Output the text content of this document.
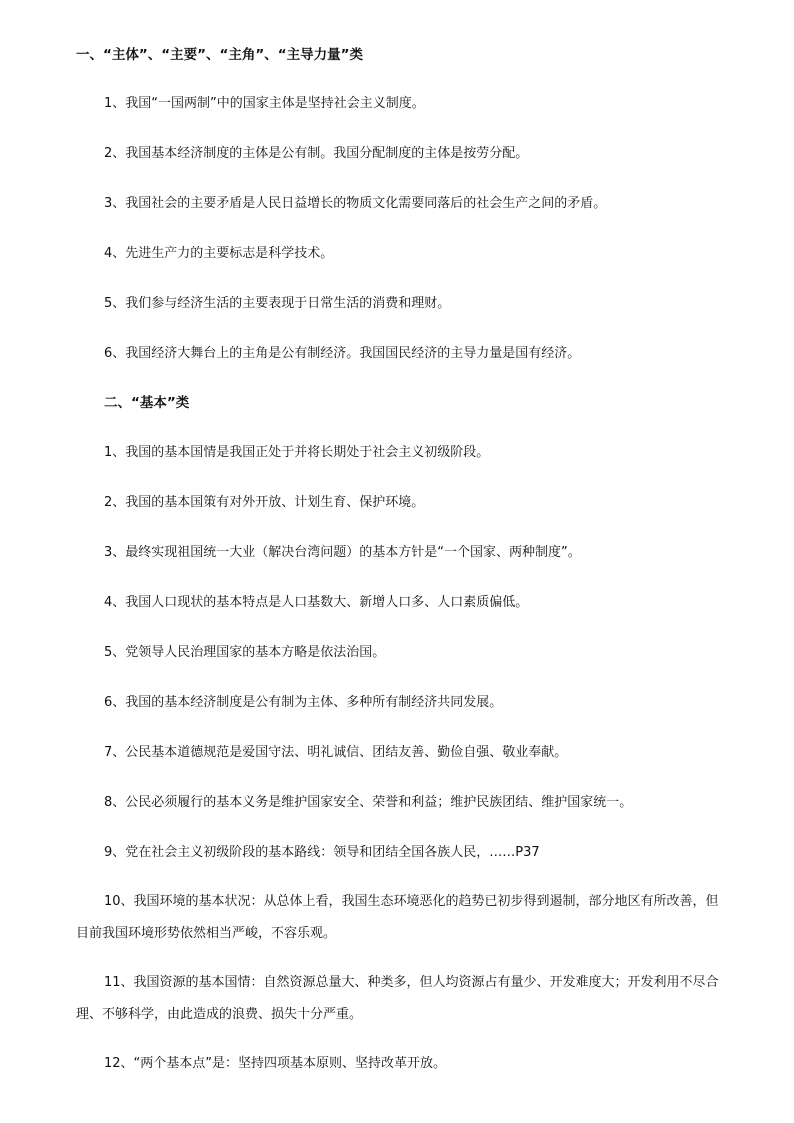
一、“主体”、“主要”、“主角”、“主导力量”类
1、我国“一国两制”中的国家主体是坚持社会主义制度。
2、我国基本经济制度的主体是公有制。我国分配制度的主体是按劳分配。
3、我国社会的主要矛盾是人民日益增长的物质文化需要同落后的社会生产之间的矛盾。
4、先进生产力的主要标志是科学技术。
5、我们参与经济生活的主要表现于日常生活的消费和理财。
6、我国经济大舞台上的主角是公有制经济。我国国民经济的主导力量是国有经济。
二、“基本”类
1、我国的基本国情是我国正处于并将长期处于社会主义初级阶段。
2、我国的基本国策有对外开放、计划生育、保护环境。
3、最终实现祖国统一大业（解决台湾问题）的基本方针是“一个国家、两种制度”。
4、我国人口现状的基本特点是人口基数大、新增人口多、人口素质偏低。
5、党领导人民治理国家的基本方略是依法治国。
6、我国的基本经济制度是公有制为主体、多种所有制经济共同发展。
7、公民基本道德规范是爱国守法、明礼诚信、团结友善、勤俭自强、敬业奉献。
8、公民必须履行的基本义务是维护国家安全、荣誉和利益；维护民族团结、维护国家统一。
9、党在社会主义初级阶段的基本路线：领导和团结全国各族人民，……P37
10、我国环境的基本状况：从总体上看，我国生态环境恶化的趋势已初步得到遏制，部分地区有所改善，但目前我国环境形势依然相当严峻，不容乐观。
11、我国资源的基本国情：自然资源总量大、种类多，但人均资源占有量少、开发难度大；开发利用不尽合理、不够科学，由此造成的浪费、损失十分严重。
12、“两个基本点”是：坚持四项基本原则、坚持改革开放。
